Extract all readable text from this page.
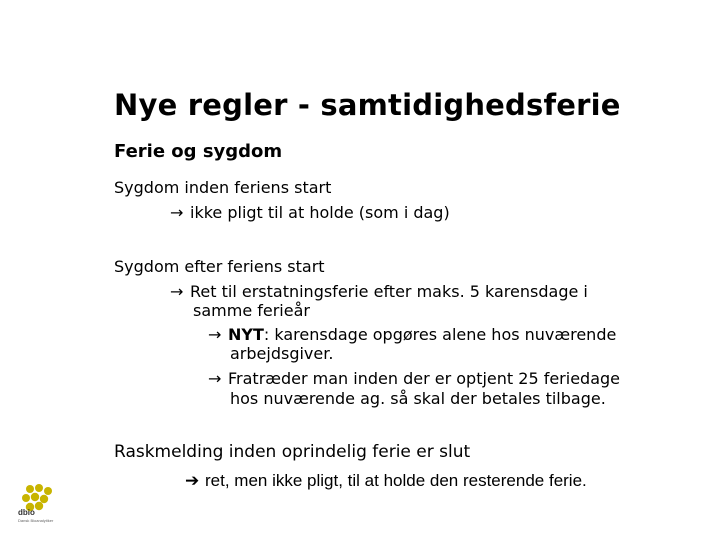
Nye regler - samtidighedsferie
Ferie og sygdom
Sygdom inden feriens start
→ ikke pligt til at holde (som i dag)
Sygdom efter feriens start
→ Ret til erstatningsferie efter maks. 5 karensdage i
samme ferieår
→ NYT: karensdage opgøres alene hos nuværende
arbejdsgiver.
→ Fratræder man inden der er optjent 25 feriedage
hos nuværende ag. så skal der betales tilbage.
Raskmelding inden oprindelig ferie er slut
➔ ret, men ikke pligt, til at holde den resterende ferie.
dbio
Dansk Bioanalytiker
